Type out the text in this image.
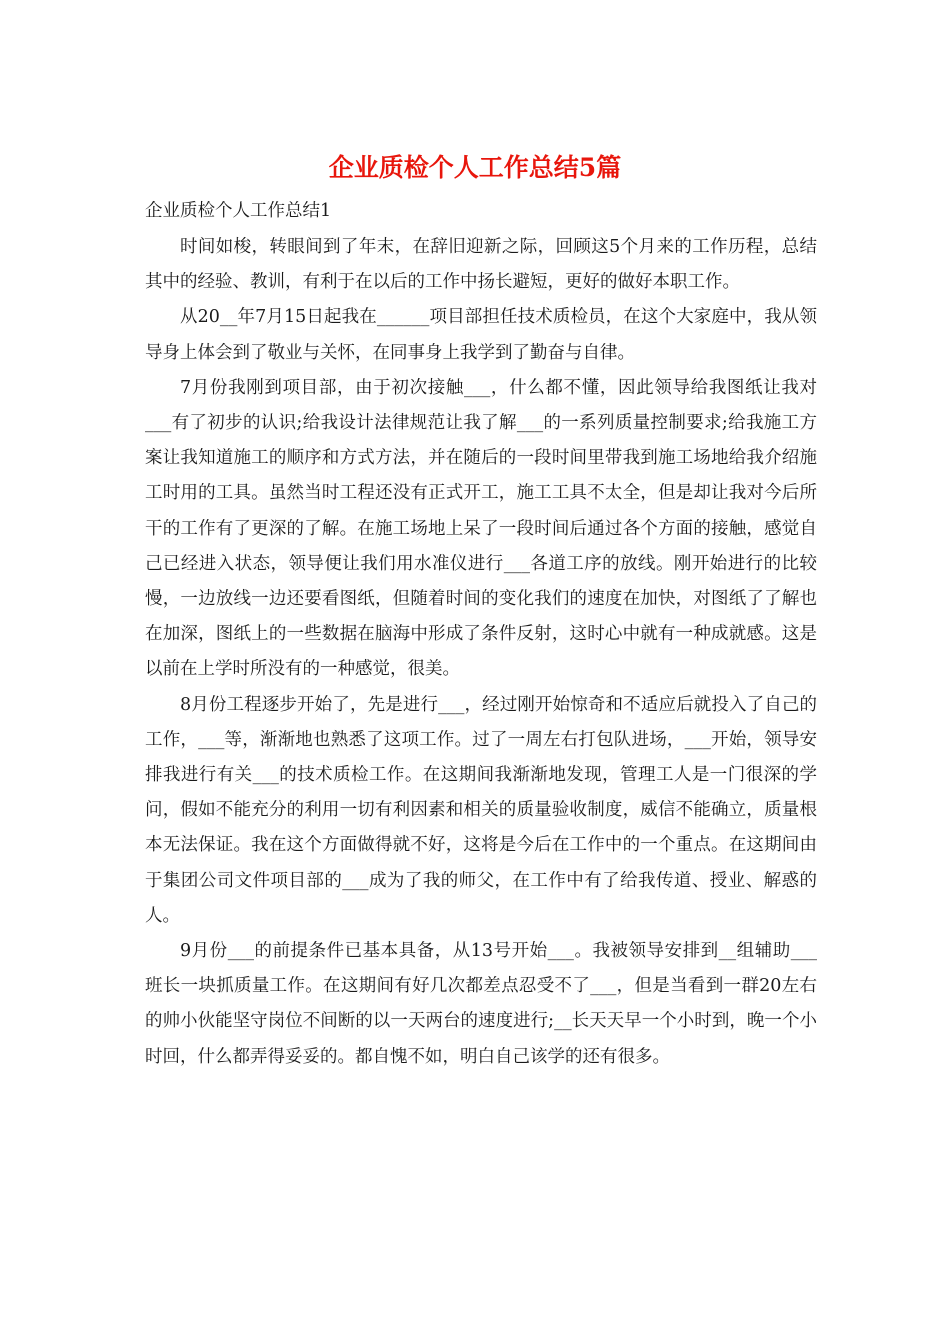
企业质检个人工作总结5篇

企业质检个人工作总结1

时间如梭，转眼间到了年末，在辞旧迎新之际，回顾这5个月来的工作历程，总结其中的经验、教训，有利于在以后的工作中扬长避短，更好的做好本职工作。

从20__年7月15日起我在______项目部担任技术质检员，在这个大家庭中，我从领导身上体会到了敬业与关怀，在同事身上我学到了勤奋与自律。

7月份我刚到项目部，由于初次接触___，什么都不懂，因此领导给我图纸让我对___有了初步的认识;给我设计法律规范让我了解___的一系列质量控制要求;给我施工方案让我知道施工的顺序和方式方法，并在随后的一段时间里带我到施工场地给我介绍施工时用的工具。虽然当时工程还没有正式开工，施工工具不太全，但是却让我对今后所干的工作有了更深的了解。在施工场地上呆了一段时间后通过各个方面的接触，感觉自己已经进入状态，领导便让我们用水准仪进行___各道工序的放线。刚开始进行的比较慢，一边放线一边还要看图纸，但随着时间的变化我们的速度在加快，对图纸了了解也在加深，图纸上的一些数据在脑海中形成了条件反射，这时心中就有一种成就感。这是以前在上学时所没有的一种感觉，很美。

8月份工程逐步开始了，先是进行___，经过刚开始惊奇和不适应后就投入了自己的工作，___等，渐渐地也熟悉了这项工作。过了一周左右打包队进场，___开始，领导安排我进行有关___的技术质检工作。在这期间我渐渐地发现，管理工人是一门很深的学问，假如不能充分的利用一切有利因素和相关的质量验收制度，威信不能确立，质量根本无法保证。我在这个方面做得就不好，这将是今后在工作中的一个重点。在这期间由于集团公司文件项目部的___成为了我的师父，在工作中有了给我传道、授业、解惑的人。

9月份___的前提条件已基本具备，从13号开始___。我被领导安排到__组辅助___班长一块抓质量工作。在这期间有好几次都差点忍受不了___，但是当看到一群20左右的帅小伙能坚守岗位不间断的以一天两台的速度进行;__长天天早一个小时到，晚一个小时回，什么都弄得妥妥的。都自愧不如，明白自己该学的还有很多。
